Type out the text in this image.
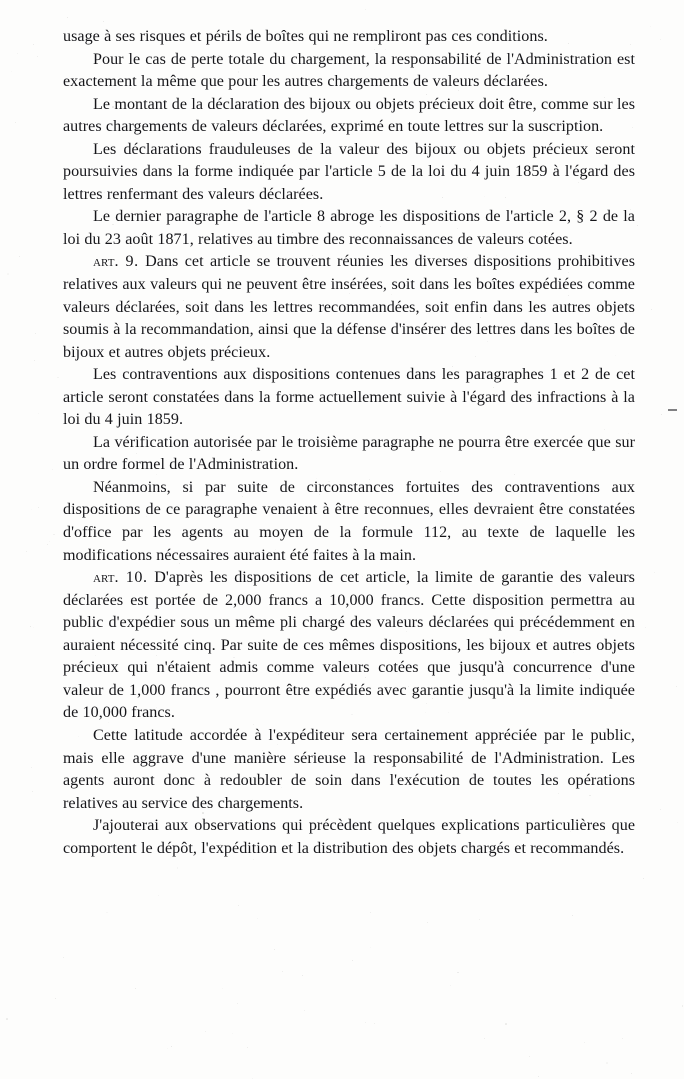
usage à ses risques et périls de boîtes qui ne rempliront pas ces conditions.

Pour le cas de perte totale du chargement, la responsabilité de l'Administration est exactement la même que pour les autres chargements de valeurs déclarées.

Le montant de la déclaration des bijoux ou objets précieux doit être, comme sur les autres chargements de valeurs déclarées, exprimé en toute lettres sur la suscription.

Les déclarations frauduleuses de la valeur des bijoux ou objets précieux seront poursuivies dans la forme indiquée par l'article 5 de la loi du 4 juin 1859 à l'égard des lettres renfermant des valeurs déclarées.

Le dernier paragraphe de l'article 8 abroge les dispositions de l'article 2, § 2 de la loi du 23 août 1871, relatives au timbre des reconnaissances de valeurs cotées.

art. 9. Dans cet article se trouvent réunies les diverses dispositions prohibitives relatives aux valeurs qui ne peuvent être insérées, soit dans les boîtes expédiées comme valeurs déclarées, soit dans les lettres recommandées, soit enfin dans les autres objets soumis à la recommandation, ainsi que la défense d'insérer des lettres dans les boîtes de bijoux et autres objets précieux.

Les contraventions aux dispositions contenues dans les paragraphes 1 et 2 de cet article seront constatées dans la forme actuellement suivie à l'égard des infractions à la loi du 4 juin 1859.

La vérification autorisée par le troisième paragraphe ne pourra être exercée que sur un ordre formel de l'Administration.

Néanmoins, si par suite de circonstances fortuites des contraventions aux dispositions de ce paragraphe venaient à être reconnues, elles devraient être constatées d'office par les agents au moyen de la formule 112, au texte de laquelle les modifications nécessaires auraient été faites à la main.

art. 10. D'après les dispositions de cet article, la limite de garantie des valeurs déclarées est portée de 2,000 francs a 10,000 francs. Cette disposition permettra au public d'expédier sous un même pli chargé des valeurs déclarées qui précédemment en auraient nécessité cinq. Par suite de ces mêmes dispositions, les bijoux et autres objets précieux qui n'étaient admis comme valeurs cotées que jusqu'à concurrence d'une valeur de 1,000 francs , pourront être expédiés avec garantie jusqu'à la limite indiquée de 10,000 francs.

Cette latitude accordée à l'expéditeur sera certainement appréciée par le public, mais elle aggrave d'une manière sérieuse la responsabilité de l'Administration. Les agents auront donc à redoubler de soin dans l'exécution de toutes les opérations relatives au service des chargements.

J'ajouterai aux observations qui précèdent quelques explications particulières que comportent le dépôt, l'expédition et la distribution des objets chargés et recommandés.
